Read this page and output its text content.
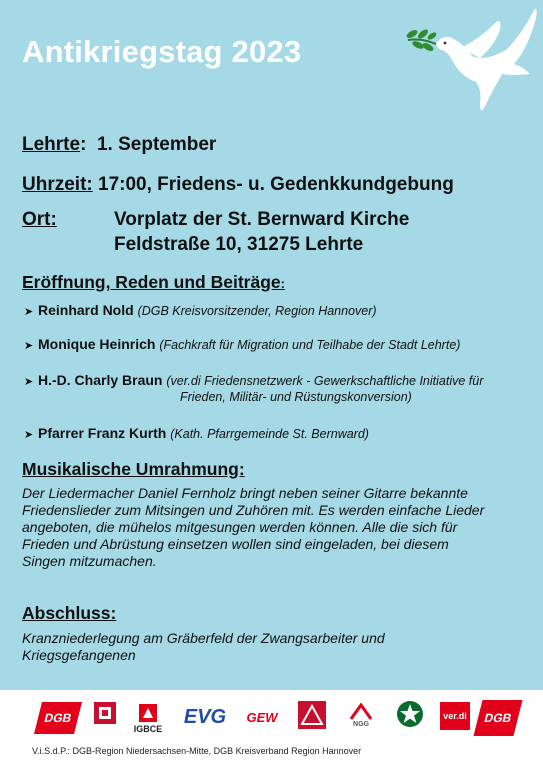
Antikriegstag 2023
Lehrte:  1. September
Uhrzeit: 17:00, Friedens- u. Gedenkkundgebung
Ort:	Vorplatz der St. Bernward Kirche
Feldstraße 10, 31275 Lehrte
Eröffnung, Reden und Beiträge:
➤ Reinhard Nold (DGB Kreisvorsitzender, Region Hannover)
➤ Monique Heinrich (Fachkraft für Migration und Teilhabe der Stadt Lehrte)
➤ H.-D. Charly Braun (ver.di Friedensnetzwerk - Gewerkschaftliche Initiative für
Frieden, Militär- und Rüstungskonversion)
➤ Pfarrer Franz Kurth (Kath. Pfarrgemeinde St. Bernward)
Musikalische Umrahmung:
Der Liedermacher Daniel Fernholz bringt neben seiner Gitarre bekannte
Friedenslieder zum Mitsingen und Zuhören mit. Es werden einfache Lieder
angeboten, die mühelos mitgesungen werden können. Alle die sich für
Frieden und Abrüstung einsetzen wollen sind eingeladen, bei diesem
Singen mitzumachen.
Abschluss:
Kranzniederlegung am Gräberfeld der Zwangsarbeiter und
Kriegsgefangenen
DGB
IGBCE
EVG	GEW	NGG
ver.di	DGB
V.i.S.d.P.: DGB-Region Niedersachsen-Mitte, DGB Kreisverband Region Hannover
